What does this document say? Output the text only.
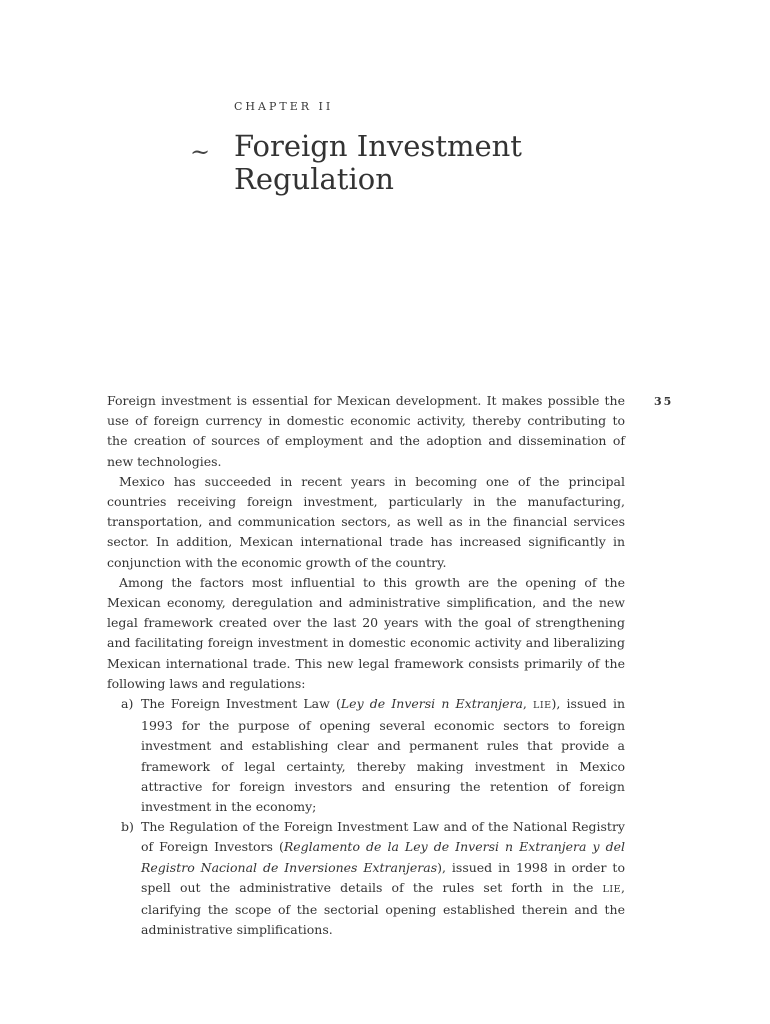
CHAPTER II
~ Foreign Investment
Regulation
35

Foreign investment is essential for Mexican development. It makes possible the use of foreign currency in domestic economic activity, thereby contributing to the creation of sources of employment and the adoption and dissemination of new technologies.

Mexico has succeeded in recent years in becoming one of the principal countries receiving foreign investment, particularly in the manufacturing, transportation, and communication sectors, as well as in the financial services sector. In addition, Mexican international trade has increased significantly in conjunction with the economic growth of the country.

Among the factors most influential to this growth are the opening of the Mexican economy, deregulation and administrative simplification, and the new legal framework created over the last 20 years with the goal of strengthening and facilitating foreign investment in domestic economic activity and liberalizing Mexican international trade. This new legal framework consists primarily of the following laws and regulations:

a) The Foreign Investment Law (Ley de Inversi n Extranjera, LIE), issued in 1993 for the purpose of opening several economic sectors to foreign investment and establishing clear and permanent rules that provide a framework of legal certainty, thereby making investment in Mexico attractive for foreign investors and ensuring the retention of foreign investment in the economy;
b) The Regulation of the Foreign Investment Law and of the National Registry of Foreign Investors (Reglamento de la Ley de Inversi n Extranjera y del Registro Nacional de Inversiones Extranjeras), issued in 1998 in order to spell out the administrative details of the rules set forth in the LIE, clarifying the scope of the sectorial opening established therein and the administrative simplifications.
